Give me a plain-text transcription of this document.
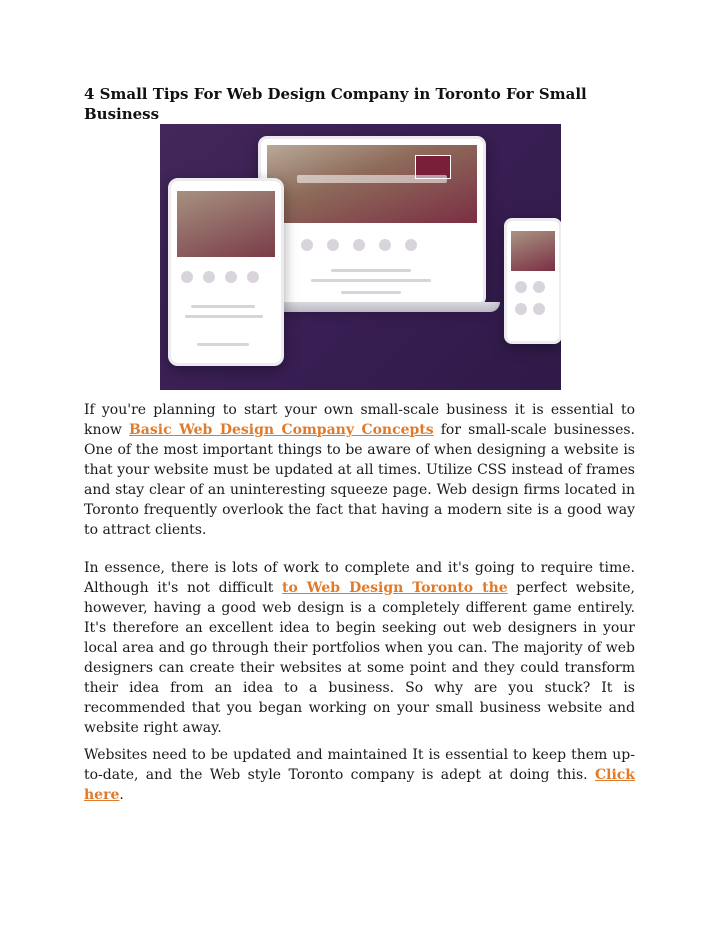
4 Small Tips For Web Design Company in Toronto For Small Business

If you're planning to start your own small-scale business it is essential to know Basic Web Design Company Concepts for small-scale businesses. One of the most important things to be aware of when designing a website is that your website must be updated at all times. Utilize CSS instead of frames and stay clear of an uninteresting squeeze page. Web design firms located in Toronto frequently overlook the fact that having a modern site is a good way to attract clients.

In essence, there is lots of work to complete and it's going to require time. Although it's not difficult to Web Design Toronto the perfect website, however, having a good web design is a completely different game entirely. It's therefore an excellent idea to begin seeking out web designers in your local area and go through their portfolios when you can. The majority of web designers can create their websites at some point and they could transform their idea from an idea to a business. So why are you stuck? It is recommended that you began working on your small business website and website right away.

Websites need to be updated and maintained It is essential to keep them up-to-date, and the Web style Toronto company is adept at doing this. Click here.
